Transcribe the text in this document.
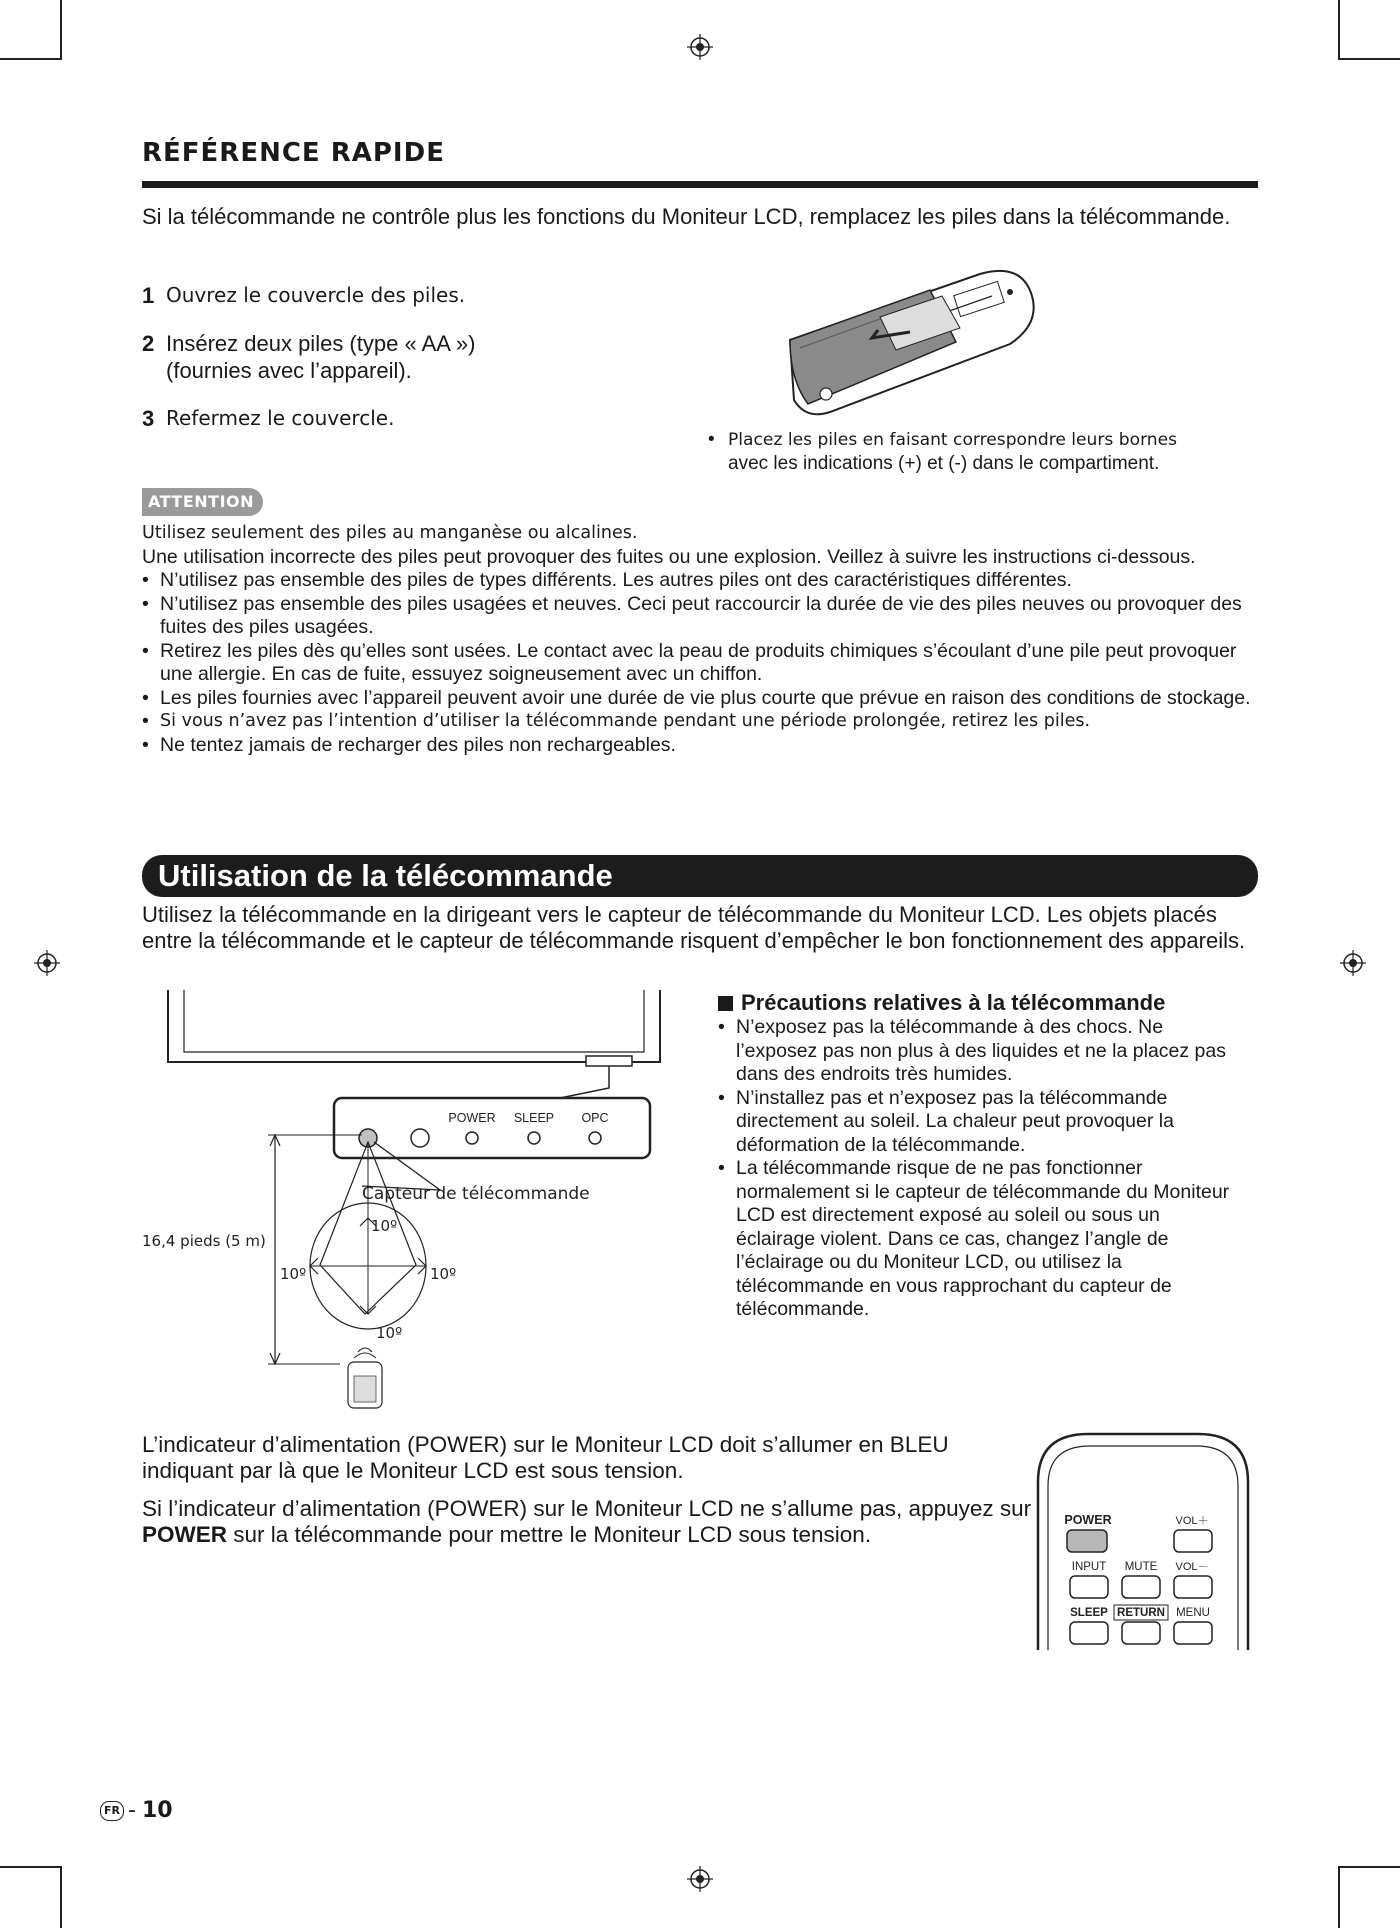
RÉFÉRENCE RAPIDE
Si la télécommande ne contrôle plus les fonctions du Moniteur LCD, remplacez les piles dans la télécommande.
1 Ouvrez le couvercle des piles.
2 Insérez deux piles (type « AA »)
(fournies avec l’appareil).
3 Refermez le couvercle.
• Placez les piles en faisant correspondre leurs bornes
avec les indications (+) et (-) dans le compartiment.
ATTENTION
Utilisez seulement des piles au manganèse ou alcalines.
Une utilisation incorrecte des piles peut provoquer des fuites ou une explosion. Veillez à suivre les instructions ci-dessous.
• N’utilisez pas ensemble des piles de types différents. Les autres piles ont des caractéristiques différentes.
• N’utilisez pas ensemble des piles usagées et neuves. Ceci peut raccourcir la durée de vie des piles neuves ou provoquer des fuites des piles usagées.
• Retirez les piles dès qu’elles sont usées. Le contact avec la peau de produits chimiques s’écoulant d’une pile peut provoquer une allergie. En cas de fuite, essuyez soigneusement avec un chiffon.
• Les piles fournies avec l’appareil peuvent avoir une durée de vie plus courte que prévue en raison des conditions de stockage.
• Si vous n’avez pas l’intention d’utiliser la télécommande pendant une période prolongée, retirez les piles.
• Ne tentez jamais de recharger des piles non rechargeables.
Utilisation de la télécommande
Utilisez la télécommande en la dirigeant vers le capteur de télécommande du Moniteur LCD. Les objets placés entre la télécommande et le capteur de télécommande risquent d’empêcher le bon fonctionnement des appareils.
POWER SLEEP OPC
Capteur de télécommande
10º
10º	10º
10º
16,4 pieds (5 m)
Précautions relatives à la télécommande
• N’exposez pas la télécommande à des chocs. Ne l’exposez pas non plus à des liquides et ne la placez pas dans des endroits très humides.
• N’installez pas et n’exposez pas la télécommande directement au soleil. La chaleur peut provoquer la déformation de la télécommande.
• La télécommande risque de ne pas fonctionner normalement si le capteur de télécommande du Moniteur LCD est directement exposé au soleil ou sous un éclairage violent. Dans ce cas, changez l’angle de l’éclairage ou du Moniteur LCD, ou utilisez la télécommande en vous rapprochant du capteur de télécommande.

L’indicateur d’alimentation (POWER) sur le Moniteur LCD doit s’allumer en BLEU indiquant par là que le Moniteur LCD est sous tension.

Si l’indicateur d’alimentation (POWER) sur le Moniteur LCD ne s’allume pas, appuyez sur POWER sur la télécommande pour mettre le Moniteur LCD sous tension.

POWER	VOL＋
INPUT MUTE VOL－
SLEEP RETURN MENU
FR - 10
